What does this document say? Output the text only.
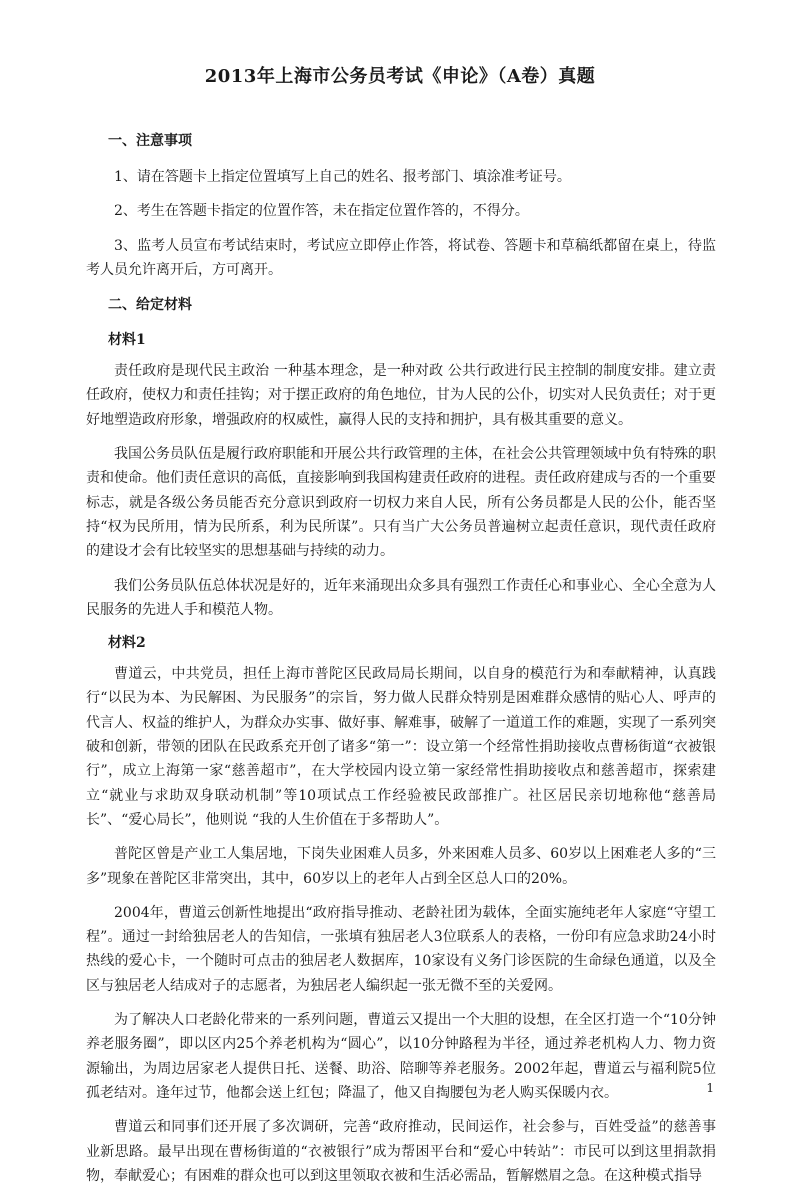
2013年上海市公务员考试《申论》（A卷）真题
一、注意事项
1、请在答题卡上指定位置填写上自己的姓名、报考部门、填涂准考证号。
2、考生在答题卡指定的位置作答，未在指定位置作答的，不得分。
3、监考人员宣布考试结束时，考试应立即停止作答，将试卷、答题卡和草稿纸都留在桌上，待监考人员允许离开后，方可离开。
二、给定材料
材料1
责任政府是现代民主政治 一种基本理念，是一种对政 公共行政进行民主控制的制度安排。建立责任政府，使权力和责任挂钩；对于摆正政府的角色地位，甘为人民的公仆，切实对人民负责任；对于更好地塑造政府形象，增强政府的权威性，赢得人民的支持和拥护，具有极其重要的意义。
我国公务员队伍是履行政府职能和开展公共行政管理的主体，在社会公共管理领域中负有特殊的职责和使命。他们责任意识的高低，直接影响到我国构建责任政府的进程。责任政府建成与否的一个重要标志，就是各级公务员能否充分意识到政府一切权力来自人民，所有公务员都是人民的公仆，能否坚持“权为民所用，情为民所系，利为民所谋”。只有当广大公务员普遍树立起责任意识，现代责任政府的建设才会有比较坚实的思想基础与持续的动力。
我们公务员队伍总体状况是好的，近年来涌现出众多具有强烈工作责任心和事业心、全心全意为人民服务的先进人手和模范人物。
材料2
曹道云，中共党员，担任上海市普陀区民政局局长期间，以自身的模范行为和奉献精神，认真践行“以民为本、为民解困、为民服务”的宗旨，努力做人民群众特别是困难群众感情的贴心人、呼声的代言人、权益的维护人，为群众办实事、做好事、解难事，破解了一道道工作的难题，实现了一系列突破和创新，带领的团队在民政系充开创了诸多“第一”：设立第一个经常性捐助接收点曹杨街道“衣被银行”，成立上海第一家“慈善超市”，在大学校园内设立第一家经常性捐助接收点和慈善超市，探索建立“就业与求助双身联动机制”等10项试点工作经验被民政部推广。社区居民亲切地称他“慈善局长”、“爱心局长”，他则说 “我的人生价值在于多帮助人”。
普陀区曾是产业工人集居地，下岗失业困难人员多，外来困难人员多、60岁以上困难老人多的“三多”现象在普陀区非常突出，其中，60岁以上的老年人占到全区总人口的20%。
2004年，曹道云创新性地提出“政府指导推动、老龄社团为载体，全面实施纯老年人家庭“守望工程”。通过一封给独居老人的告知信，一张填有独居老人3位联系人的表格，一份印有应急求助24小时热线的爱心卡，一个随时可点击的独居老人数据库，10家设有义务门诊医院的生命绿色通道，以及全区与独居老人结成对子的志愿者，为独居老人编织起一张无微不至的关爱网。
为了解决人口老龄化带来的一系列问题，曹道云又提出一个大胆的设想，在全区打造一个“10分钟养老服务圈”，即以区内25个养老机构为“圆心”，以10分钟路程为半径，通过养老机构人力、物力资源输出，为周边居家老人提供日托、送餐、助浴、陪聊等养老服务。2002年起，曹道云与福利院5位孤老结对。逢年过节，他都会送上红包；降温了，他又自掏腰包为老人购买保暖内衣。
曹道云和同事们还开展了多次调研，完善“政府推动，民间运作，社会参与，百姓受益”的慈善事业新思路。最早出现在曹杨街道的“衣被银行”成为帮困平台和“爱心中转站”：市民可以到这里捐款捐物，奉献爱心；有困难的群众也可以到这里领取衣被和生活必需品，暂解燃眉之急。在这种模式指导
1
